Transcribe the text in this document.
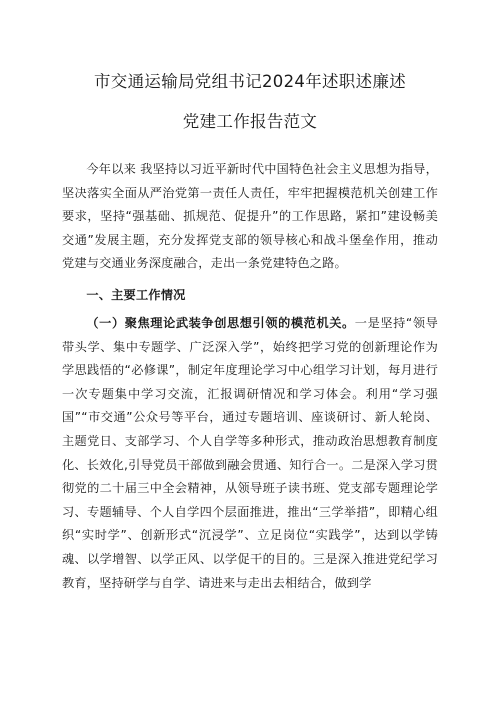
市交通运输局党组书记2024年述职述廉述
党建工作报告范文

今年以来 我坚持以习近平新时代中国特色社会主义思想为指导，坚决落实全面从严治党第一责任人责任，牢牢把握模范机关创建工作要求，坚持“强基础、抓规范、促提升”的工作思路，紧扣”建设畅美交通”发展主题，充分发挥党支部的领导核心和战斗堡垒作用，推动党建与交通业务深度融合，走出一条党建特色之路。

一、主要工作情况

（一）聚焦理论武装争创思想引领的模范机关。一是坚持“领导带头学、集中专题学、广泛深入学”，始终把学习党的创新理论作为学思践悟的“必修课”，制定年度理论学习中心组学习计划，每月进行一次专题集中学习交流，汇报调研情况和学习体会。利用“学习强国”“市交通”公众号等平台，通过专题培训、座谈研讨、新人轮岗、主题党日、支部学习、个人自学等多种形式，推动政治思想教育制度化、长效化,引导党员干部做到融会贯通、知行合一。二是深入学习贯彻党的二十届三中全会精神，从领导班子读书班、党支部专题理论学习、专题辅导、个人自学四个层面推进，推出“三学举措”，即精心组织“实时学”、创新形式“沉浸学”、立足岗位“实践学”，达到以学铸魂、以学增智、以学正风、以学促干的目的。三是深入推进党纪学习教育，坚持研学与自学、请进来与走出去相结合，做到学
